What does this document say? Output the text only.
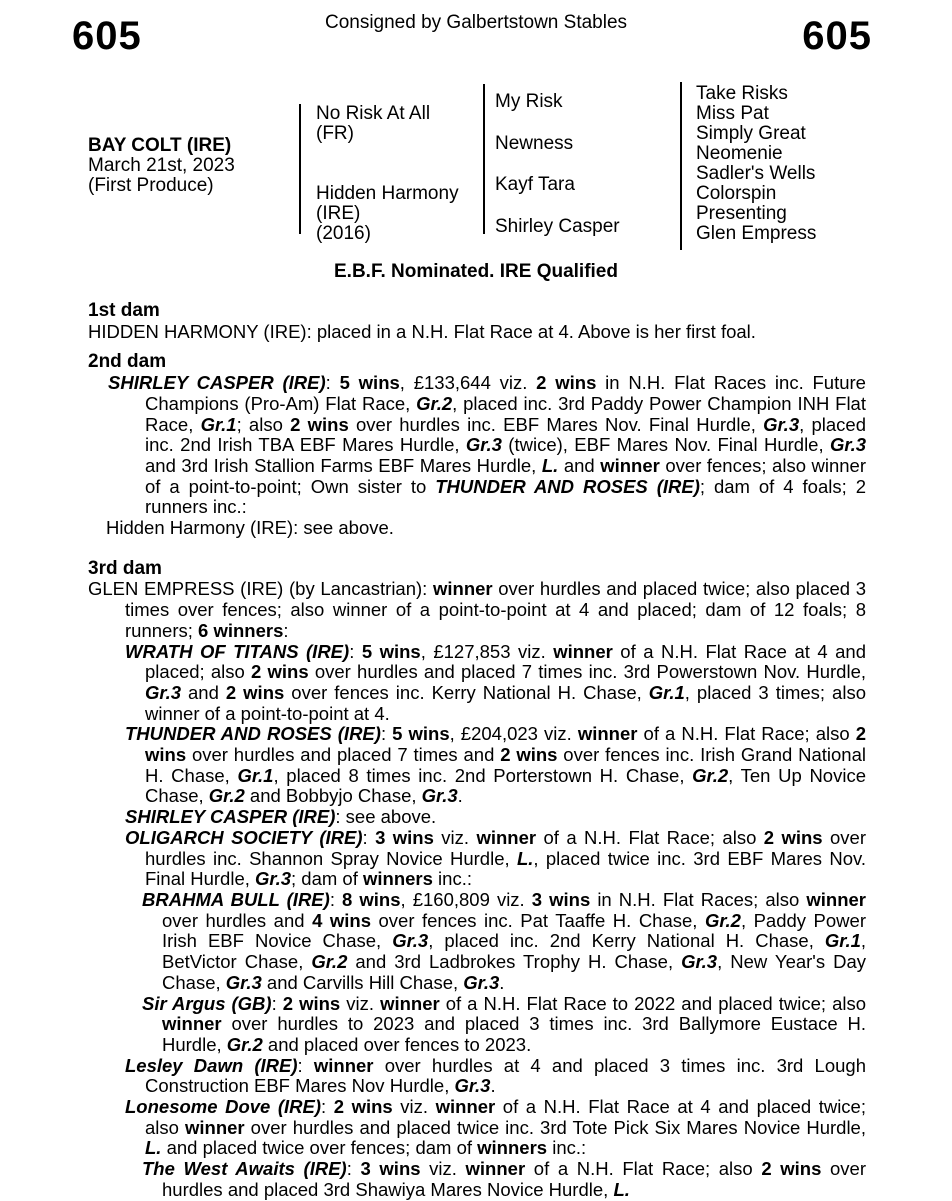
605	Consigned by Galbertstown Stables	605
BAY COLT (IRE)
March 21st, 2023
(First Produce)
No Risk At All
(FR)
Hidden Harmony
(IRE)
(2016)
My Risk
Newness
Kayf Tara
Shirley Casper
Take Risks
Miss Pat
Simply Great
Neomenie
Sadler's Wells
Colorspin
Presenting
Glen Empress
E.B.F. Nominated. IRE Qualified
1st dam
HIDDEN HARMONY (IRE): placed in a N.H. Flat Race at 4. Above is her first foal.
2nd dam
SHIRLEY CASPER (IRE): 5 wins, £133,644 viz. 2 wins in N.H. Flat Races inc. Future Champions (Pro-Am) Flat Race, Gr.2, placed inc. 3rd Paddy Power Champion INH Flat Race, Gr.1; also 2 wins over hurdles inc. EBF Mares Nov. Final Hurdle, Gr.3, placed inc. 2nd Irish TBA EBF Mares Hurdle, Gr.3 (twice), EBF Mares Nov. Final Hurdle, Gr.3 and 3rd Irish Stallion Farms EBF Mares Hurdle, L. and winner over fences; also winner of a point-to-point; Own sister to THUNDER AND ROSES (IRE); dam of 4 foals; 2 runners inc.:
Hidden Harmony (IRE): see above.
3rd dam
GLEN EMPRESS (IRE) (by Lancastrian): winner over hurdles and placed twice; also placed 3 times over fences; also winner of a point-to-point at 4 and placed; dam of 12 foals; 8 runners; 6 winners:
WRATH OF TITANS (IRE): 5 wins, £127,853 viz. winner of a N.H. Flat Race at 4 and placed; also 2 wins over hurdles and placed 7 times inc. 3rd Powerstown Nov. Hurdle, Gr.3 and 2 wins over fences inc. Kerry National H. Chase, Gr.1, placed 3 times; also winner of a point-to-point at 4.
THUNDER AND ROSES (IRE): 5 wins, £204,023 viz. winner of a N.H. Flat Race; also 2 wins over hurdles and placed 7 times and 2 wins over fences inc. Irish Grand National H. Chase, Gr.1, placed 8 times inc. 2nd Porterstown H. Chase, Gr.2, Ten Up Novice Chase, Gr.2 and Bobbyjo Chase, Gr.3.
SHIRLEY CASPER (IRE): see above.
OLIGARCH SOCIETY (IRE): 3 wins viz. winner of a N.H. Flat Race; also 2 wins over hurdles inc. Shannon Spray Novice Hurdle, L., placed twice inc. 3rd EBF Mares Nov. Final Hurdle, Gr.3; dam of winners inc.:
BRAHMA BULL (IRE): 8 wins, £160,809 viz. 3 wins in N.H. Flat Races; also winner over hurdles and 4 wins over fences inc. Pat Taaffe H. Chase, Gr.2, Paddy Power Irish EBF Novice Chase, Gr.3, placed inc. 2nd Kerry National H. Chase, Gr.1, BetVictor Chase, Gr.2 and 3rd Ladbrokes Trophy H. Chase, Gr.3, New Year's Day Chase, Gr.3 and Carvills Hill Chase, Gr.3.
Sir Argus (GB): 2 wins viz. winner of a N.H. Flat Race to 2022 and placed twice; also winner over hurdles to 2023 and placed 3 times inc. 3rd Ballymore Eustace H. Hurdle, Gr.2 and placed over fences to 2023.
Lesley Dawn (IRE): winner over hurdles at 4 and placed 3 times inc. 3rd Lough Construction EBF Mares Nov Hurdle, Gr.3.
Lonesome Dove (IRE): 2 wins viz. winner of a N.H. Flat Race at 4 and placed twice; also winner over hurdles and placed twice inc. 3rd Tote Pick Six Mares Novice Hurdle, L. and placed twice over fences; dam of winners inc.:
The West Awaits (IRE): 3 wins viz. winner of a N.H. Flat Race; also 2 wins over hurdles and placed 3rd Shawiya Mares Novice Hurdle, L.
